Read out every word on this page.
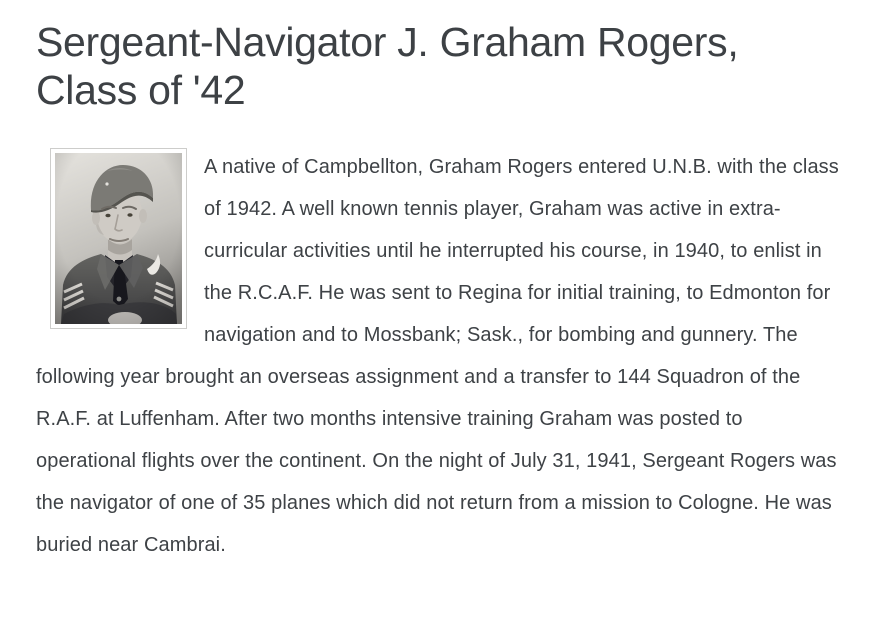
Sergeant-Navigator J. Graham Rogers,
Class of '42

A native of Campbellton, Graham Rogers entered U.N.B. with the class of 1942. A well known tennis player, Graham was active in extra-curricular activities until he interrupted his course, in 1940, to enlist in the R.C.A.F. He was sent to Regina for initial training, to Edmonton for navigation and to Mossbank; Sask., for bombing and gunnery. The following year brought an overseas assignment and a transfer to 144 Squadron of the R.A.F. at Luffenham. After two months intensive training Graham was posted to operational flights over the continent. On the night of July 31, 1941, Sergeant Rogers was the navigator of one of 35 planes which did not return from a mission to Cologne. He was buried near Cambrai.
